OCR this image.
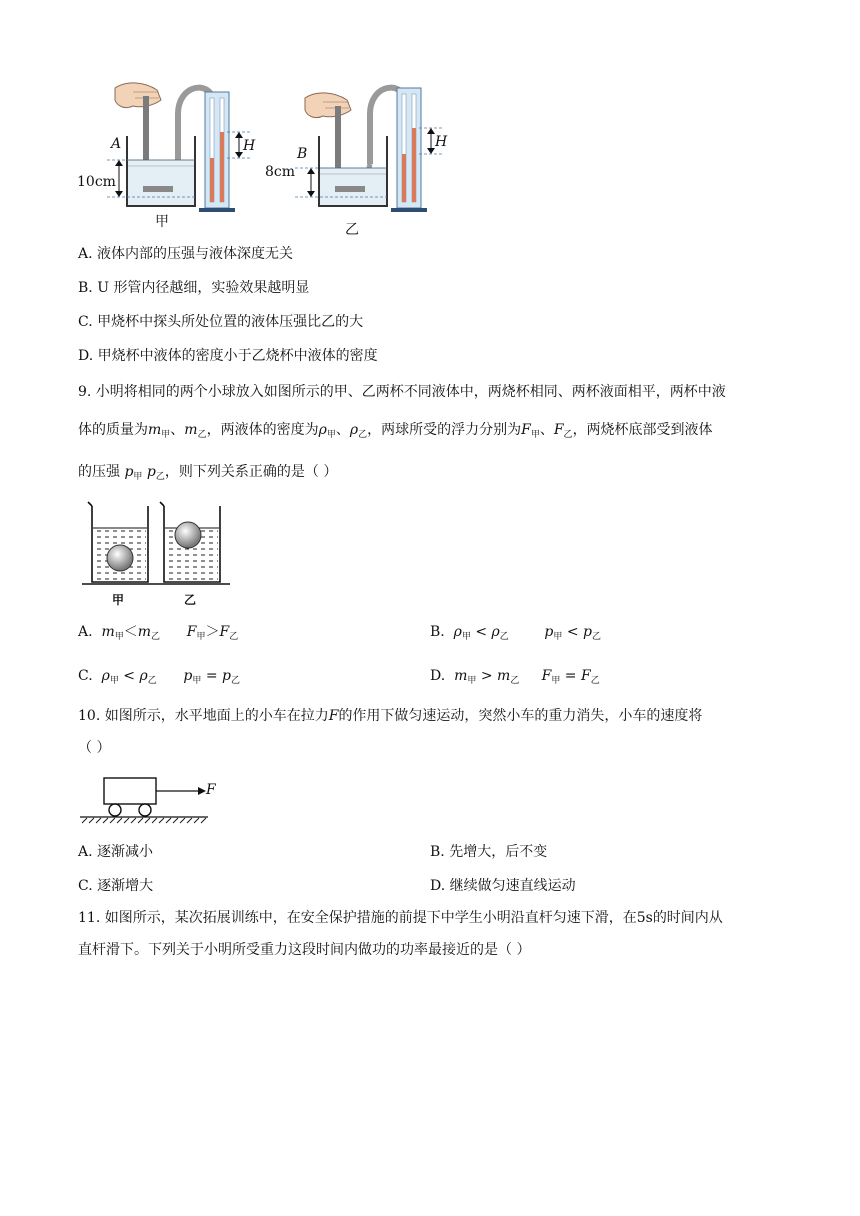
A
10cm
H
甲
B
8cm
H
乙
A. 液体内部的压强与液体深度无关
B. U 形管内径越细，实验效果越明显
C. 甲烧杯中探头所处位置的液体压强比乙的大
D. 甲烧杯中液体的密度小于乙烧杯中液体的密度
9. 小明将相同的两个小球放入如图所示的甲、乙两杯不同液体中，两烧杯相同、两杯液面相平，两杯中液
体的质量为$m_甲$、$m_乙$，两液体的密度为$\rho_甲$、$\rho_乙$，两球所受的浮力分别为$F_甲$、$F_乙$，两烧杯底部受到液体
的压强 $p_甲$ $p_乙$，则下列关系正确的是（ ）
甲	乙
A. $m_甲<m_乙$ $F_甲>F_乙$	B. $\rho_甲 < \rho_乙$	$p_甲 < p_乙$
C. $\rho_甲 < \rho_乙$ $p_甲 = p_乙$	D. $m_甲 > m_乙$ $F_甲 = F_乙$
10. 如图所示，水平地面上的小车在拉力F的作用下做匀速运动，突然小车的重力消失，小车的速度将
（ ）
F
A. 逐渐减小	B. 先增大，后不变
C. 逐渐增大	D. 继续做匀速直线运动
11. 如图所示，某次拓展训练中，在安全保护措施的前提下中学生小明沿直杆匀速下滑，在5s的时间内从
直杆滑下。下列关于小明所受重力这段时间内做功的功率最接近的是（ ）
